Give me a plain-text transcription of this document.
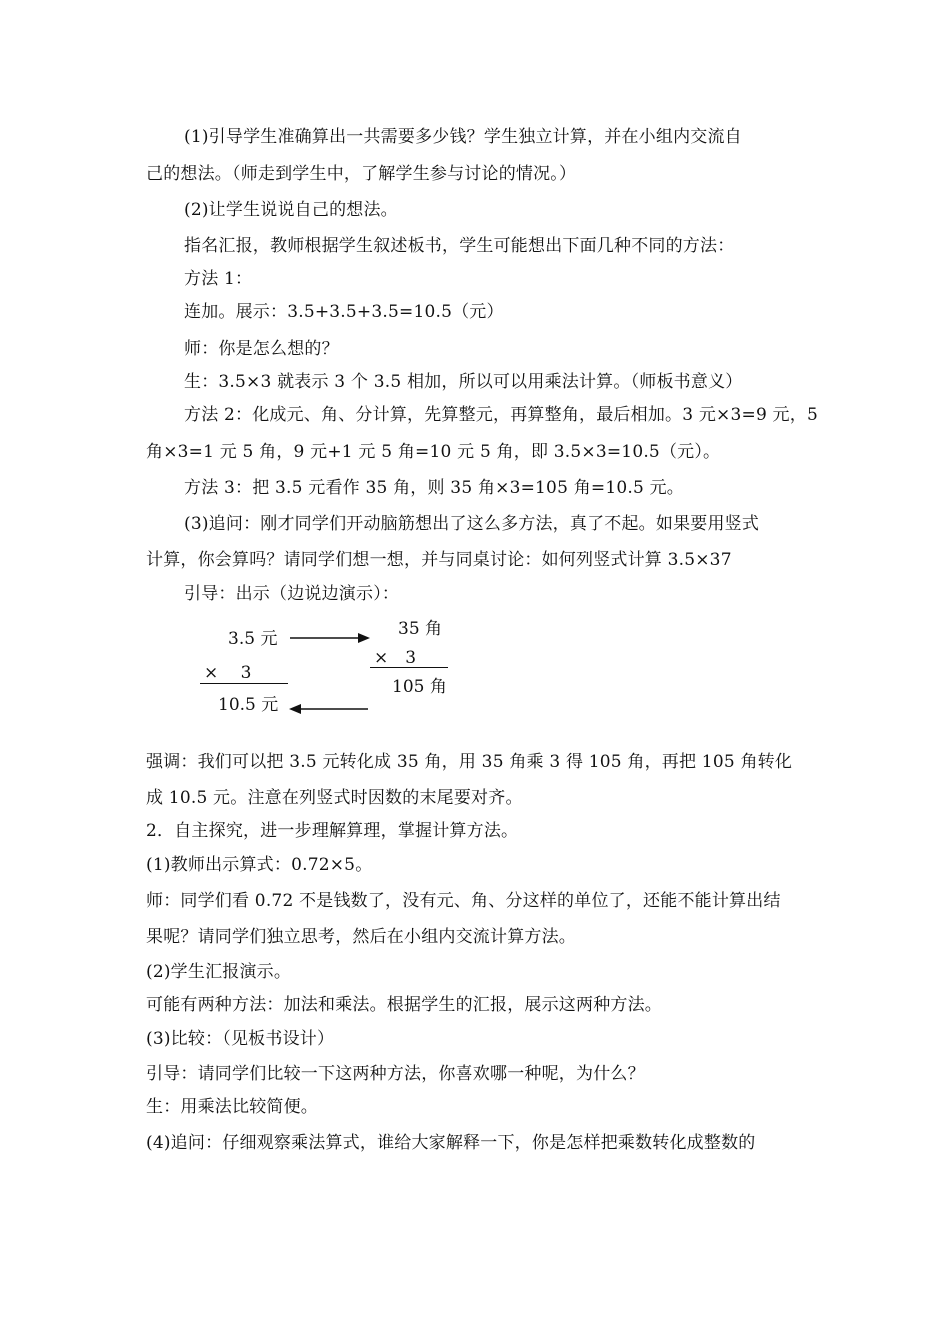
(1)引导学生准确算出一共需要多少钱？学生独立计算，并在小组内交流自
己的想法。（师走到学生中，了解学生参与讨论的情况。）
(2)让学生说说自己的想法。
指名汇报，教师根据学生叙述板书，学生可能想出下面几种不同的方法：
方法 1：
连加。展示：3.5+3.5+3.5=10.5（元）
师：你是怎么想的？
生：3.5×3 就表示 3 个 3.5 相加，所以可以用乘法计算。（师板书意义）
方法 2：化成元、角、分计算，先算整元，再算整角，最后相加。3 元×3=9 元，5
角×3=1 元 5 角，9 元+1 元 5 角=10 元 5 角，即 3.5×3=10.5（元）。
方法 3：把 3.5 元看作 35 角，则 35 角×3=105 角=10.5 元。
(3)追问：刚才同学们开动脑筋想出了这么多方法，真了不起。如果要用竖式
计算，你会算吗？请同学们想一想，并与同桌讨论：如何列竖式计算 3.5×37
引导：出示（边说边演示）：
3.5 元
×　 3
10.5 元
35 角
×　3
105 角
强调：我们可以把 3.5 元转化成 35 角，用 35 角乘 3 得 105 角，再把 105 角转化
成 10.5 元。注意在列竖式时因数的末尾要对齐。
2．自主探究，进一步理解算理，掌握计算方法。
(1)教师出示算式：0.72×5。
师：同学们看 0.72 不是钱数了，没有元、角、分这样的单位了，还能不能计算出结
果呢？请同学们独立思考，然后在小组内交流计算方法。
(2)学生汇报演示。
可能有两种方法：加法和乘法。根据学生的汇报，展示这两种方法。
(3)比较：（见板书设计）
引导：请同学们比较一下这两种方法，你喜欢哪一种呢，为什么？
生：用乘法比较简便。
(4)追问：仔细观察乘法算式，谁给大家解释一下，你是怎样把乘数转化成整数的
